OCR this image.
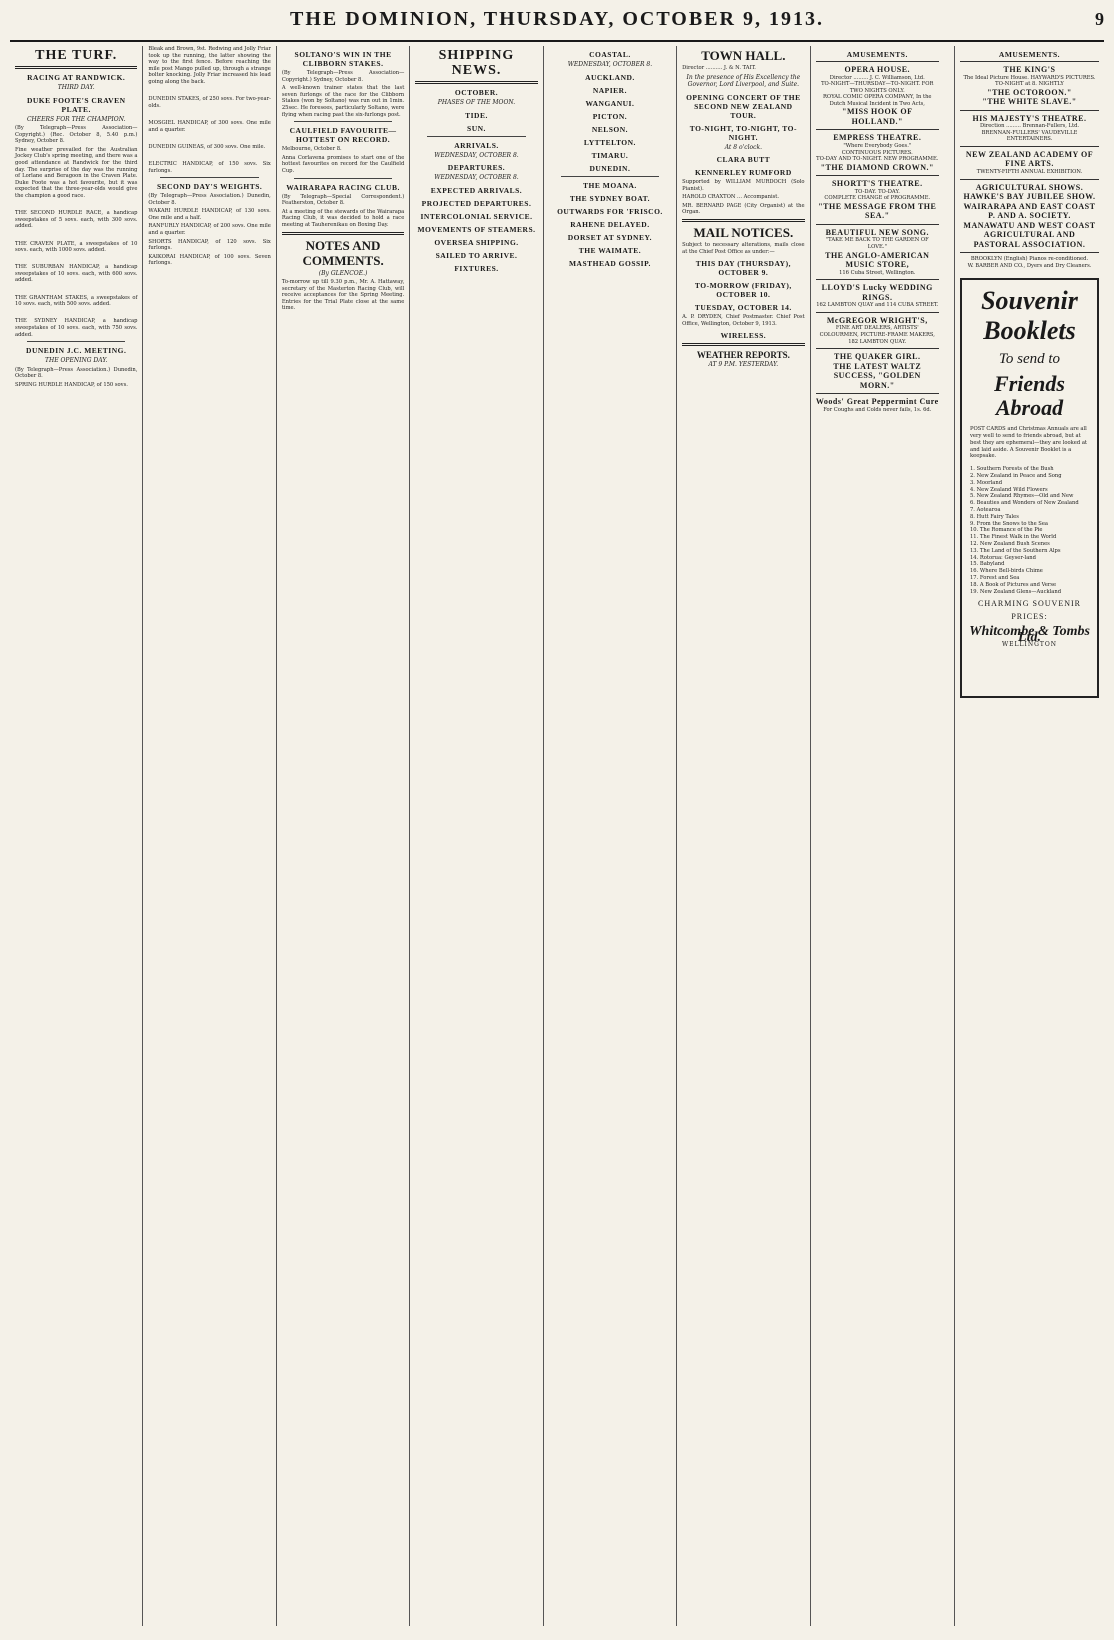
THE DOMINION, THURSDAY, OCTOBER 9, 1913.	9
THE TURF.
RACING AT RANDWICK.
THIRD DAY.
DUKE FOOTE'S CRAVEN PLATE.
CHEERS FOR THE CHAMPION.
(By Telegraph—Press Association—Copyright.) (Rec. October 8, 5.40 p.m.) Sydney, October 8.
Fine weather prevailed for the Australian Jockey Club's spring meeting, and there was a good attendance at Randwick for the third day. The surprise of the day was the running of Lorlane and Beragoon in the Craven Plate. Duke Foote was a hot favourite, but it was expected that the three-year-olds would give the champion a good race.

THE SECOND HURDLE RACE, a handicap sweepstakes of 5 sovs. each, with 300 sovs. added.

THE CRAVEN PLATE, a sweepstakes of 10 sovs. each, with 1000 sovs. added.

THE SUBURBAN HANDICAP, a handicap sweepstakes of 10 sovs. each, with 600 sovs. added.

THE GRANTHAM STAKES, a sweepstakes of 10 sovs. each, with 500 sovs. added.

THE SYDNEY HANDICAP, a handicap sweepstakes of 10 sovs. each, with 750 sovs. added.
DUNEDIN J.C. MEETING.
THE OPENING DAY.
(By Telegraph—Press Association.) Dunedin, October 8.
SPRING HURDLE HANDICAP, of 150 sovs.
Bleak and Brown, 9st. Redwing and Jolly Friar took up the running, the latter showing the way to the first fence. Before reaching the mile post Mango pulled up, through a strange bolter knocking. Jolly Friar increased his lead going along the back.

DUNEDIN STAKES, of 250 sovs. For two-year-olds.

MOSGIEL HANDICAP, of 300 sovs. One mile and a quarter.

DUNEDIN GUINEAS, of 300 sovs. One mile.

ELECTRIC HANDICAP, of 150 sovs. Six furlongs.
SECOND DAY'S WEIGHTS.
(By Telegraph—Press Association.) Dunedin, October 8.
WAKARI HURDLE HANDICAP, of 130 sovs. One mile and a half.
RANFURLY HANDICAP, of 200 sovs. One mile and a quarter.
SHORTS HANDICAP, of 120 sovs. Six furlongs.
KAIKORAI HANDICAP, of 100 sovs. Seven furlongs.
SOLTANO'S WIN IN THE CLIBBORN STAKES.
(By Telegraph—Press Association—Copyright.) Sydney, October 8.
A well-known trainer states that the last seven furlongs of the race for the Clibborn Stakes (won by Soltano) was run out in 1min. 25sec. He foresees, particularly Soltano, were flying when racing past the six-furlongs post.
CAULFIELD FAVOURITE—HOTTEST ON RECORD.
Melbourne, October 8.
Anna Corlavena promises to start one of the hottest favourites on record for the Caulfield Cup.
WAIRARAPA RACING CLUB.
(By Telegraph—Special Correspondent.) Featherston, October 8.
At a meeting of the stewards of the Wairarapa Racing Club, it was decided to hold a race meeting at Tauherenikau on Boxing Day.
NOTES AND COMMENTS.
(By GLENCOE.)
To-morrow up till 9.30 p.m., Mr. A. Hattaway, secretary of the Masterton Racing Club, will receive acceptances for the Spring Meeting. Entries for the Trial Plate close at the same time.
SHIPPING NEWS.
OCTOBER.
PHASES OF THE MOON.
TIDE.
SUN.
ARRIVALS.
WEDNESDAY, OCTOBER 8.
DEPARTURES.
WEDNESDAY, OCTOBER 8.
EXPECTED ARRIVALS.
PROJECTED DEPARTURES.
INTERCOLONIAL SERVICE.
MOVEMENTS OF STEAMERS.
OVERSEA SHIPPING.
SAILED TO ARRIVE.
FIXTURES.
COASTAL.
WEDNESDAY, OCTOBER 8.
AUCKLAND.
NAPIER.
WANGANUI.
PICTON.
NELSON.
LYTTELTON.
TIMARU.
DUNEDIN.
THE MOANA.
THE SYDNEY BOAT.
OUTWARDS FOR 'FRISCO.
RAHENE DELAYED.
DORSET AT SYDNEY.
THE WAIMATE.
MASTHEAD GOSSIP.
TOWN HALL.
Director .......... J. & N. TAIT.
In the presence of His Excellency the Governor, Lord Liverpool, and Suite.
OPENING CONCERT OF THE SECOND NEW ZEALAND TOUR.
TO-NIGHT, TO-NIGHT, TO-NIGHT.
At 8 o'clock.
CLARA BUTT
KENNERLEY RUMFORD
Supported by WILLIAM MURDOCH (Solo Pianist).
HAROLD CRAXTON ... Accompanist.
MR. BERNARD PAGE (City Organist) at the Organ.
MAIL NOTICES.
Subject to necessary alterations, mails close at the Chief Post Office as under:—
THIS DAY (THURSDAY), OCTOBER 9.
TO-MORROW (FRIDAY), OCTOBER 10.
TUESDAY, OCTOBER 14.
A. P. DRYDEN, Chief Postmaster. Chief Post Office, Wellington, October 9, 1913.
WIRELESS.
WEATHER REPORTS.
AT 9 P.M. YESTERDAY.
AMUSEMENTS.
OPERA HOUSE.
Director ......... J. C. Williamson, Ltd.
TO-NIGHT—THURSDAY—TO-NIGHT. FOR TWO NIGHTS ONLY.
ROYAL COMIC OPERA COMPANY, In the Dutch Musical Incident in Two Acts,
"MISS HOOK OF HOLLAND."
EMPRESS THEATRE.
"Where Everybody Goes."
CONTINUOUS PICTURES.
TO-DAY AND TO-NIGHT. NEW PROGRAMME.
"THE DIAMOND CROWN."
SHORTT'S THEATRE.
TO-DAY. TO-DAY.
COMPLETE CHANGE of PROGRAMME.
"THE MESSAGE FROM THE SEA."
BEAUTIFUL NEW SONG.
"TAKE ME BACK TO THE GARDEN OF LOVE."
THE ANGLO-AMERICAN MUSIC STORE,
116 Cuba Street, Wellington.
LLOYD'S Lucky WEDDING RINGS.
162 LAMBTON QUAY and 114 CUBA STREET.
McGREGOR WRIGHT'S,
FINE ART DEALERS, ARTISTS' COLOURMEN, PICTURE-FRAME MAKERS,
182 LAMBTON QUAY.
THE QUAKER GIRL.
THE LATEST WALTZ SUCCESS, "GOLDEN MORN."
Woods' Great Peppermint Cure
For Coughs and Colds never fails, 1s. 6d.
AMUSEMENTS.
THE KING'S
The Ideal Picture House. HAYWARD'S PICTURES.
TO-NIGHT at 8. NIGHTLY
"THE OCTOROON."
"THE WHITE SLAVE."
HIS MAJESTY'S THEATRE.
Direction ......... Brennan-Fullers, Ltd.
BRENNAN-FULLERS' VAUDEVILLE ENTERTAINERS.
NEW ZEALAND ACADEMY OF FINE ARTS.
TWENTY-FIFTH ANNUAL EXHIBITION.
AGRICULTURAL SHOWS.
HAWKE'S BAY JUBILEE SHOW.
WAIRARAPA AND EAST COAST P. AND A. SOCIETY.
MANAWATU AND WEST COAST AGRICULTURAL AND PASTORAL ASSOCIATION.
BROOKLYN (English) Pianos re-conditioned.
W. BARBER AND CO., Dyers and Dry Cleaners.
Souvenir Booklets
To send to
Friends Abroad
POST CARDS and Christmas Annuals are all very well to send to friends abroad, but at best they are ephemeral—they are looked at and laid aside. A Souvenir Booklet is a keepsake.
1. Southern Forests of the Bush
2. New Zealand in Peace and Song
3. Moorland
4. New Zealand Wild Flowers
5. New Zealand Rhymes—Old and New
6. Beauties and Wonders of New Zealand
7. Aotearoa
8. Hutt Fairy Tales
9. From the Snows to the Sea
10. The Romance of the Pie
11. The Finest Walk in the World
12. New Zealand Bush Scenes
13. The Land of the Southern Alps
14. Rotorua: Geyser-land
15. Babyland
16. Where Bell-birds Chime
17. Forest and Sea
18. A Book of Pictures and Verse
19. New Zealand Glens—Auckland
CHARMING SOUVENIR
PRICES:
Whitcombe & Tombs Ltd.
WELLINGTON
